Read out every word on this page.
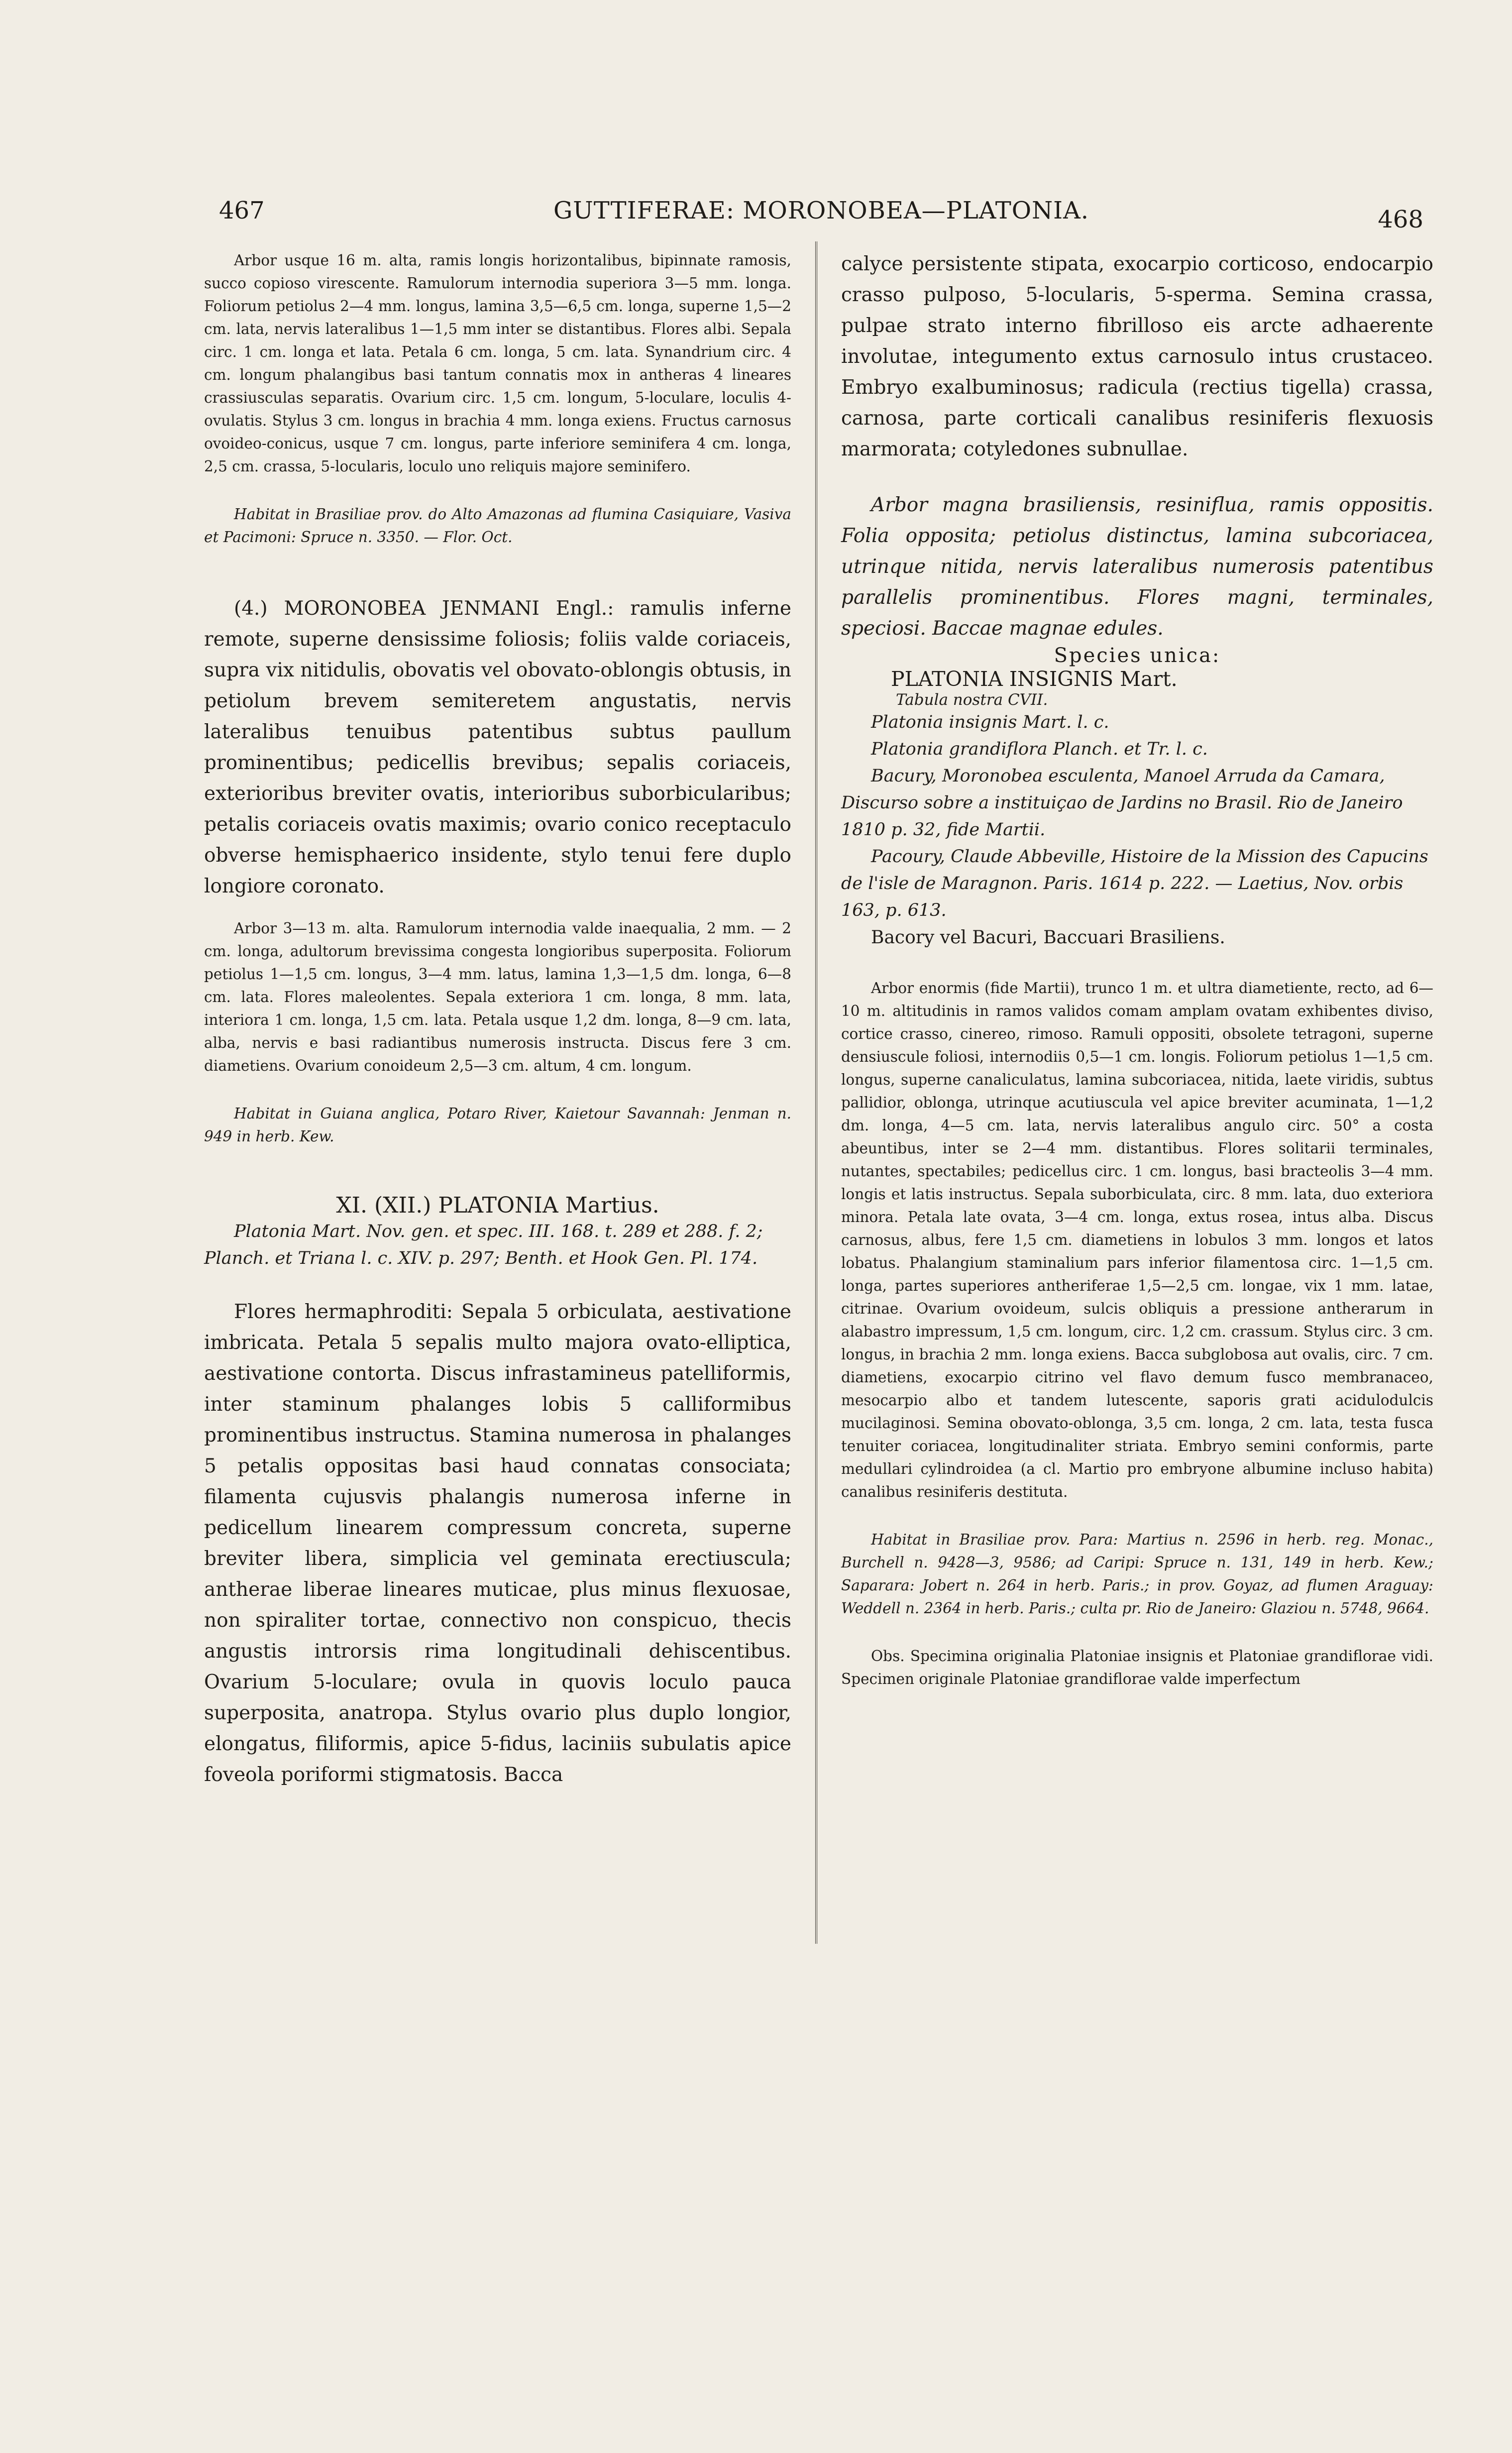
467	GUTTIFERAE: MORONOBEA—PLATONIA.	468

Arbor usque 16 m. alta, ramis longis horizontalibus, bipinnate ramosis, succo copioso virescente. Ramulorum internodia superiora 3—5 mm. longa. Foliorum petiolus 2—4 mm. longus, lamina 3,5—6,5 cm. longa, superne 1,5—2 cm. lata, nervis lateralibus 1—1,5 mm inter se distantibus. Flores albi. Sepala circ. 1 cm. longa et lata. Petala 6 cm. longa, 5 cm. lata. Synandrium circ. 4 cm. longum phalangibus basi tantum connatis mox in antheras 4 lineares crassiusculas separatis. Ovarium circ. 1,5 cm. longum, 5-loculare, loculis 4-ovulatis. Stylus 3 cm. longus in brachia 4 mm. longa exiens. Fructus carnosus ovoideo-conicus, usque 7 cm. longus, parte inferiore seminifera 4 cm. longa, 2,5 cm. crassa, 5-locularis, loculo uno reliquis majore seminifero.

Habitat in Brasiliae prov. do Alto Amazonas ad flumina Casiquiare, Vasiva et Pacimoni: Spruce n. 3350. — Flor. Oct.

(4.) MORONOBEA JENMANI Engl.: ramulis inferne remote, superne densissime foliosis; foliis valde coriaceis, supra vix nitidulis, obovatis vel obovato-oblongis obtusis, in petiolum brevem semiteretem angustatis, nervis lateralibus tenuibus patentibus subtus paullum prominentibus; pedicellis brevibus; sepalis coriaceis, exterioribus breviter ovatis, interioribus suborbicularibus; petalis coriaceis ovatis maximis; ovario conico receptaculo obverse hemisphaerico insidente, stylo tenui fere duplo longiore coronato.

Arbor 3—13 m. alta. Ramulorum internodia valde inaequalia, 2 mm. — 2 cm. longa, adultorum brevissima congesta longioribus superposita. Foliorum petiolus 1—1,5 cm. longus, 3—4 mm. latus, lamina 1,3—1,5 dm. longa, 6—8 cm. lata. Flores maleolentes. Sepala exteriora 1 cm. longa, 8 mm. lata, interiora 1 cm. longa, 1,5 cm. lata. Petala usque 1,2 dm. longa, 8—9 cm. lata, alba, nervis e basi radiantibus numerosis instructa. Discus fere 3 cm. diametiens. Ovarium conoideum 2,5—3 cm. altum, 4 cm. longum.

Habitat in Guiana anglica, Potaro River, Kaietour Savannah: Jenman n. 949 in herb. Kew.

XI. (XII.) PLATONIA Martius.

Platonia Mart. Nov. gen. et spec. III. 168. t. 289 et 288. f. 2; Planch. et Triana l. c. XIV. p. 297; Benth. et Hook Gen. Pl. 174.

Flores hermaphroditi: Sepala 5 orbiculata, aestivatione imbricata. Petala 5 sepalis multo majora ovato-elliptica, aestivatione contorta. Discus infrastamineus patelliformis, inter staminum phalanges lobis 5 calliformibus prominentibus instructus. Stamina numerosa in phalanges 5 petalis oppositas basi haud connatas consociata; filamenta cujusvis phalangis numerosa inferne in pedicellum linearem compressum concreta, superne breviter libera, simplicia vel geminata erectiuscula; antherae liberae lineares muticae, plus minus flexuosae, non spiraliter tortae, connectivo non conspicuo, thecis angustis introrsis rima longitudinali dehiscentibus. Ovarium 5-loculare; ovula in quovis loculo pauca superposita, anatropa. Stylus ovario plus duplo longior, elongatus, filiformis, apice 5-fidus, laciniis subulatis apice foveola poriformi stigmatosis. Bacca

calyce persistente stipata, exocarpio corticoso, endocarpio crasso pulposo, 5-locularis, 5-sperma. Semina crassa, pulpae strato interno fibrilloso eis arcte adhaerente involutae, integumento extus carnosulo intus crustaceo. Embryo exalbuminosus; radicula (rectius tigella) crassa, carnosa, parte corticali canalibus resiniferis flexuosis marmorata; cotyledones subnullae.

Arbor magna brasiliensis, resiniflua, ramis oppositis. Folia opposita; petiolus distinctus, lamina subcoriacea, utrinque nitida, nervis lateralibus numerosis patentibus parallelis prominentibus. Flores magni, terminales, speciosi. Baccae magnae edules.

Species unica:

PLATONIA INSIGNIS Mart.

Tabula nostra CVII.

Platonia insignis Mart. l. c.

Platonia grandiflora Planch. et Tr. l. c.

Bacury, Moronobea esculenta, Manoel Arruda da Camara, Discurso sobre a instituiçao de Jardins no Brasil. Rio de Janeiro 1810 p. 32, fide Martii.

Pacoury, Claude Abbeville, Histoire de la Mission des Capucins de l'isle de Maragnon. Paris. 1614 p. 222. — Laetius, Nov. orbis 163, p. 613.

Bacory vel Bacuri, Baccuari Brasiliens.

Arbor enormis (fide Martii), trunco 1 m. et ultra diametiente, recto, ad 6—10 m. altitudinis in ramos validos comam amplam ovatam exhibentes diviso, cortice crasso, cinereo, rimoso. Ramuli oppositi, obsolete tetragoni, superne densiuscule foliosi, internodiis 0,5—1 cm. longis. Foliorum petiolus 1—1,5 cm. longus, superne canaliculatus, lamina subcoriacea, nitida, laete viridis, subtus pallidior, oblonga, utrinque acutiuscula vel apice breviter acuminata, 1—1,2 dm. longa, 4—5 cm. lata, nervis lateralibus angulo circ. 50° a costa abeuntibus, inter se 2—4 mm. distantibus. Flores solitarii terminales, nutantes, spectabiles; pedicellus circ. 1 cm. longus, basi bracteolis 3—4 mm. longis et latis instructus. Sepala suborbiculata, circ. 8 mm. lata, duo exteriora minora. Petala late ovata, 3—4 cm. longa, extus rosea, intus alba. Discus carnosus, albus, fere 1,5 cm. diametiens in lobulos 3 mm. longos et latos lobatus. Phalangium staminalium pars inferior filamentosa circ. 1—1,5 cm. longa, partes superiores antheriferae 1,5—2,5 cm. longae, vix 1 mm. latae, citrinae. Ovarium ovoideum, sulcis obliquis a pressione antherarum in alabastro impressum, 1,5 cm. longum, circ. 1,2 cm. crassum. Stylus circ. 3 cm. longus, in brachia 2 mm. longa exiens. Bacca subglobosa aut ovalis, circ. 7 cm. diametiens, exocarpio citrino vel flavo demum fusco membranaceo, mesocarpio albo et tandem lutescente, saporis grati acidulodulcis mucilaginosi. Semina obovato-oblonga, 3,5 cm. longa, 2 cm. lata, testa fusca tenuiter coriacea, longitudinaliter striata. Embryo semini conformis, parte medullari cylindroidea (a cl. Martio pro embryone albumine incluso habita) canalibus resiniferis destituta.

Habitat in Brasiliae prov. Para: Martius n. 2596 in herb. reg. Monac., Burchell n. 9428—3, 9586; ad Caripi: Spruce n. 131, 149 in herb. Kew.; Saparara: Jobert n. 264 in herb. Paris.; in prov. Goyaz, ad flumen Araguay: Weddell n. 2364 in herb. Paris.; culta pr. Rio de Janeiro: Glaziou n. 5748, 9664.

Obs. Specimina originalia Platoniae insignis et Platoniae grandiflorae vidi. Specimen originale Platoniae grandiflorae valde imperfectum
